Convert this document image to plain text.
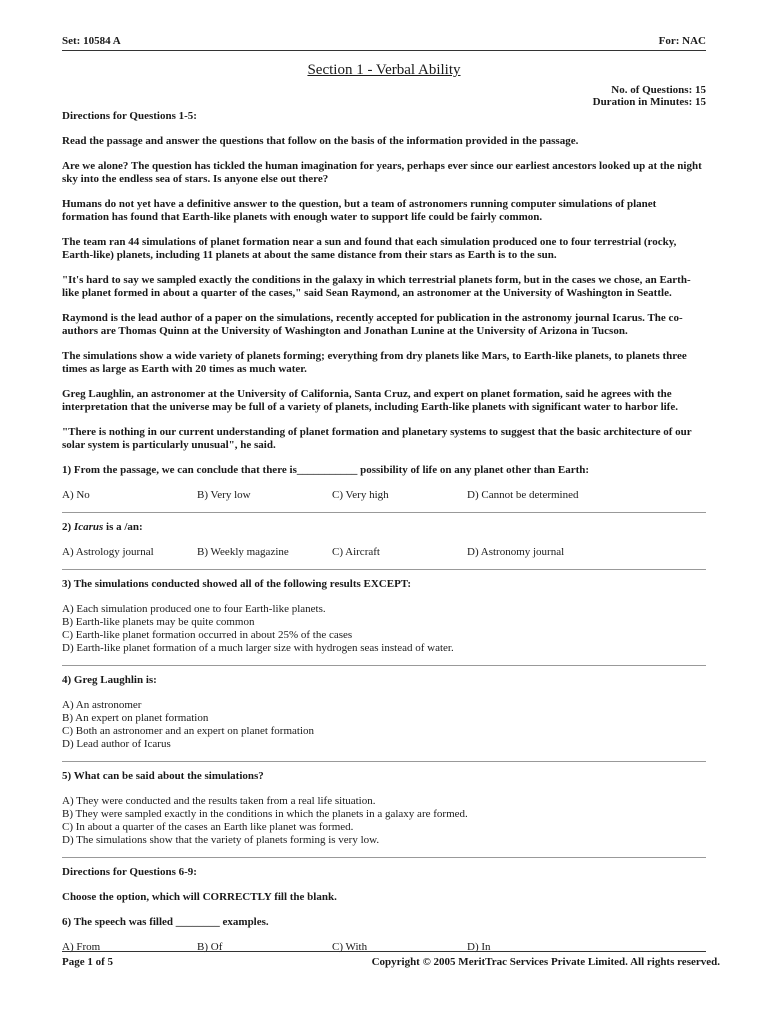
Set: 10584 A	For: NAC
Section 1 - Verbal Ability
No. of Questions: 15
Duration in Minutes: 15

Directions for Questions 1-5:

Read the passage and answer the questions that follow on the basis of the information provided in the passage.

Are we alone? The question has tickled the human imagination for years, perhaps ever since our earliest ancestors looked up at the night sky into the endless sea of stars. Is anyone else out there?

Humans do not yet have a definitive answer to the question, but a team of astronomers running computer simulations of planet formation has found that Earth-like planets with enough water to support life could be fairly common.

The team ran 44 simulations of planet formation near a sun and found that each simulation produced one to four terrestrial (rocky, Earth-like) planets, including 11 planets at about the same distance from their stars as Earth is to the sun.

"It's hard to say we sampled exactly the conditions in the galaxy in which terrestrial planets form, but in the cases we chose, an Earth-like planet formed in about a quarter of the cases," said Sean Raymond, an astronomer at the University of Washington in Seattle.

Raymond is the lead author of a paper on the simulations, recently accepted for publication in the astronomy journal Icarus. The co-authors are Thomas Quinn at the University of Washington and Jonathan Lunine at the University of Arizona in Tucson.

The simulations show a wide variety of planets forming; everything from dry planets like Mars, to Earth-like planets, to planets three times as large as Earth with 20 times as much water.

Greg Laughlin, an astronomer at the University of California, Santa Cruz, and expert on planet formation, said he agrees with the interpretation that the universe may be full of a variety of planets, including Earth-like planets with significant water to harbor life.

"There is nothing in our current understanding of planet formation and planetary systems to suggest that the basic architecture of our solar system is particularly unusual", he said.

1) From the passage, we can conclude that there is___________ possibility of life on any planet other than Earth:

A) No	B) Very low	C) Very high	D) Cannot be determined

2) Icarus is a /an:

A) Astrology journal	B) Weekly magazine	C) Aircraft	D) Astronomy journal

3) The simulations conducted showed all of the following results EXCEPT:

A) Each simulation produced one to four Earth-like planets.
B) Earth-like planets may be quite common
C) Earth-like planet formation occurred in about 25% of the cases
D) Earth-like planet formation of a much larger size with hydrogen seas instead of water.

4) Greg Laughlin is:

A) An astronomer
B) An expert on planet formation
C) Both an astronomer and an expert on planet formation
D) Lead author of Icarus

5) What can be said about the simulations?

A) They were conducted and the results taken from a real life situation.
B) They were sampled exactly in the conditions in which the planets in a galaxy are formed.
C) In about a quarter of the cases an Earth like planet was formed.
D) The simulations show that the variety of planets forming is very low.

Directions for Questions 6-9:

Choose the option, which will CORRECTLY fill the blank.

6) The speech was filled ________ examples.

A) From	B) Of	C) With	D) In
Page 1 of 5	Copyright © 2005 MeritTrac Services Private Limited. All rights reserved.
